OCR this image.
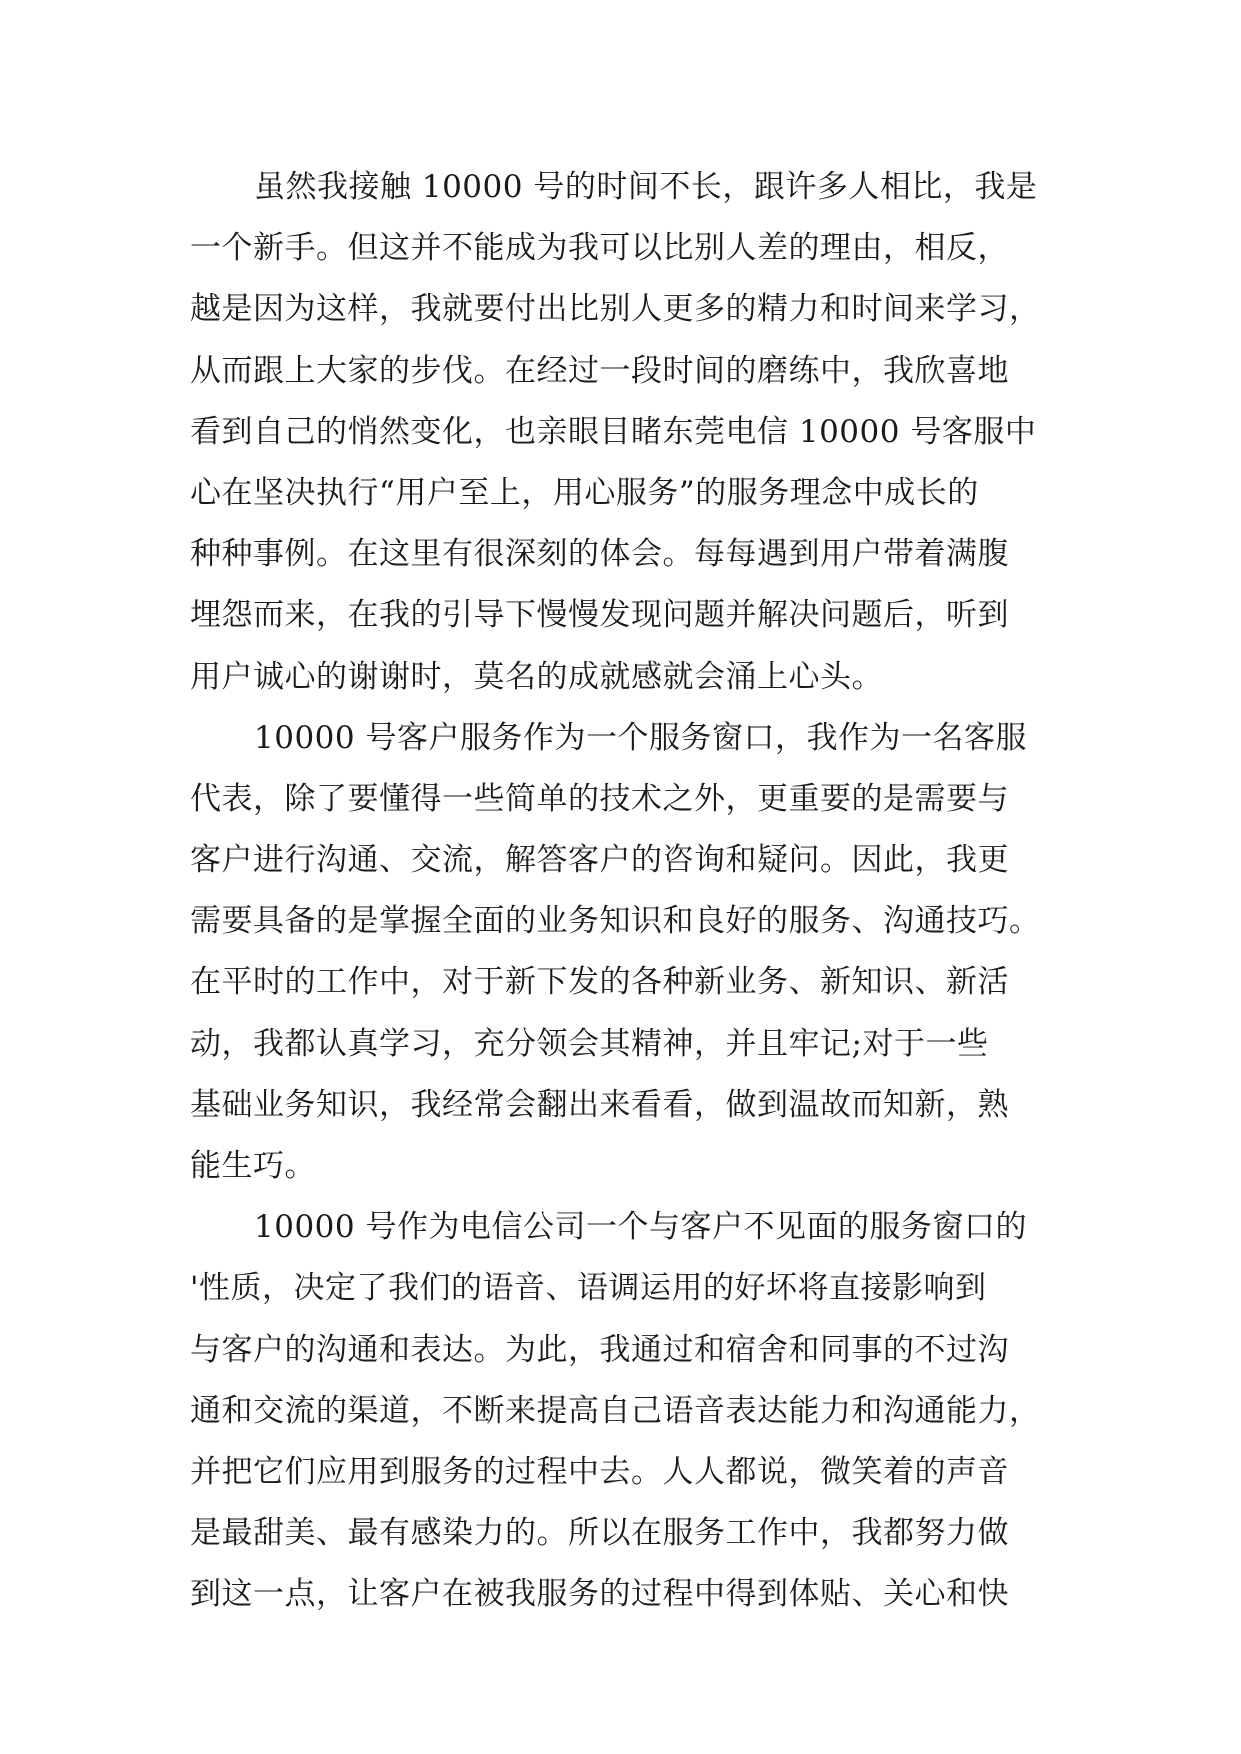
虽然我接触 10000 号的时间不长，跟许多人相比，我是
一个新手。但这并不能成为我可以比别人差的理由，相反，
越是因为这样，我就要付出比别人更多的精力和时间来学习，
从而跟上大家的步伐。在经过一段时间的磨练中，我欣喜地
看到自己的悄然变化，也亲眼目睹东莞电信 10000 号客服中
心在坚决执行“用户至上，用心服务”的服务理念中成长的
种种事例。在这里有很深刻的体会。每每遇到用户带着满腹
埋怨而来，在我的引导下慢慢发现问题并解决问题后，听到
用户诚心的谢谢时，莫名的成就感就会涌上心头。
10000 号客户服务作为一个服务窗口，我作为一名客服
代表，除了要懂得一些简单的技术之外，更重要的是需要与
客户进行沟通、交流，解答客户的咨询和疑问。因此，我更
需要具备的是掌握全面的业务知识和良好的服务、沟通技巧。
在平时的工作中，对于新下发的各种新业务、新知识、新活
动，我都认真学习，充分领会其精神，并且牢记;对于一些
基础业务知识，我经常会翻出来看看，做到温故而知新，熟
能生巧。
10000 号作为电信公司一个与客户不见面的服务窗口的
'性质，决定了我们的语音、语调运用的好坏将直接影响到
与客户的沟通和表达。为此，我通过和宿舍和同事的不过沟
通和交流的渠道，不断来提高自己语音表达能力和沟通能力，
并把它们应用到服务的过程中去。人人都说，微笑着的声音
是最甜美、最有感染力的。所以在服务工作中，我都努力做
到这一点，让客户在被我服务的过程中得到体贴、关心和快
